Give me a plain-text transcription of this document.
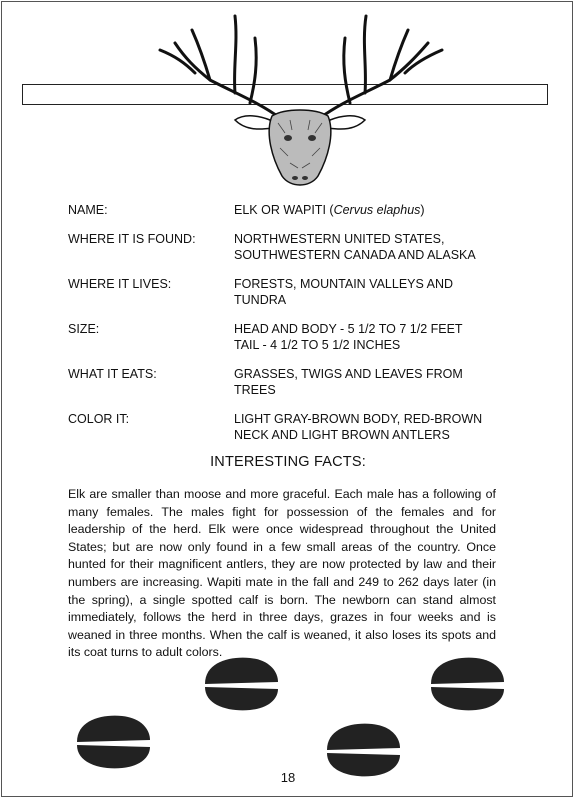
NAME:	ELK OR WAPITI (Cervus elaphus)
WHERE IT IS FOUND:	NORTHWESTERN UNITED STATES,
SOUTHWESTERN CANADA AND ALASKA
WHERE IT LIVES:	FORESTS, MOUNTAIN VALLEYS AND
TUNDRA
SIZE:	HEAD AND BODY - 5 1/2 TO 7 1/2 FEET
TAIL - 4 1/2 TO 5 1/2 INCHES
WHAT IT EATS:	GRASSES, TWIGS AND LEAVES FROM
TREES
COLOR IT:	LIGHT GRAY-BROWN BODY, RED-BROWN
NECK AND LIGHT BROWN ANTLERS
INTERESTING FACTS:
Elk are smaller than moose and more graceful. Each male has a following of many females. The males fight for possession of the females and for leadership of the herd. Elk were once widespread throughout the United States; but are now only found in a few small areas of the country. Once hunted for their magnificent antlers, they are now protected by law and their numbers are increasing. Wapiti mate in the fall and 249 to 262 days later (in the spring), a single spotted calf is born. The newborn can stand almost immediately, follows the herd in three days, grazes in four weeks and is weaned in three months. When the calf is weaned, it also loses its spots and its coat turns to adult colors.
18
